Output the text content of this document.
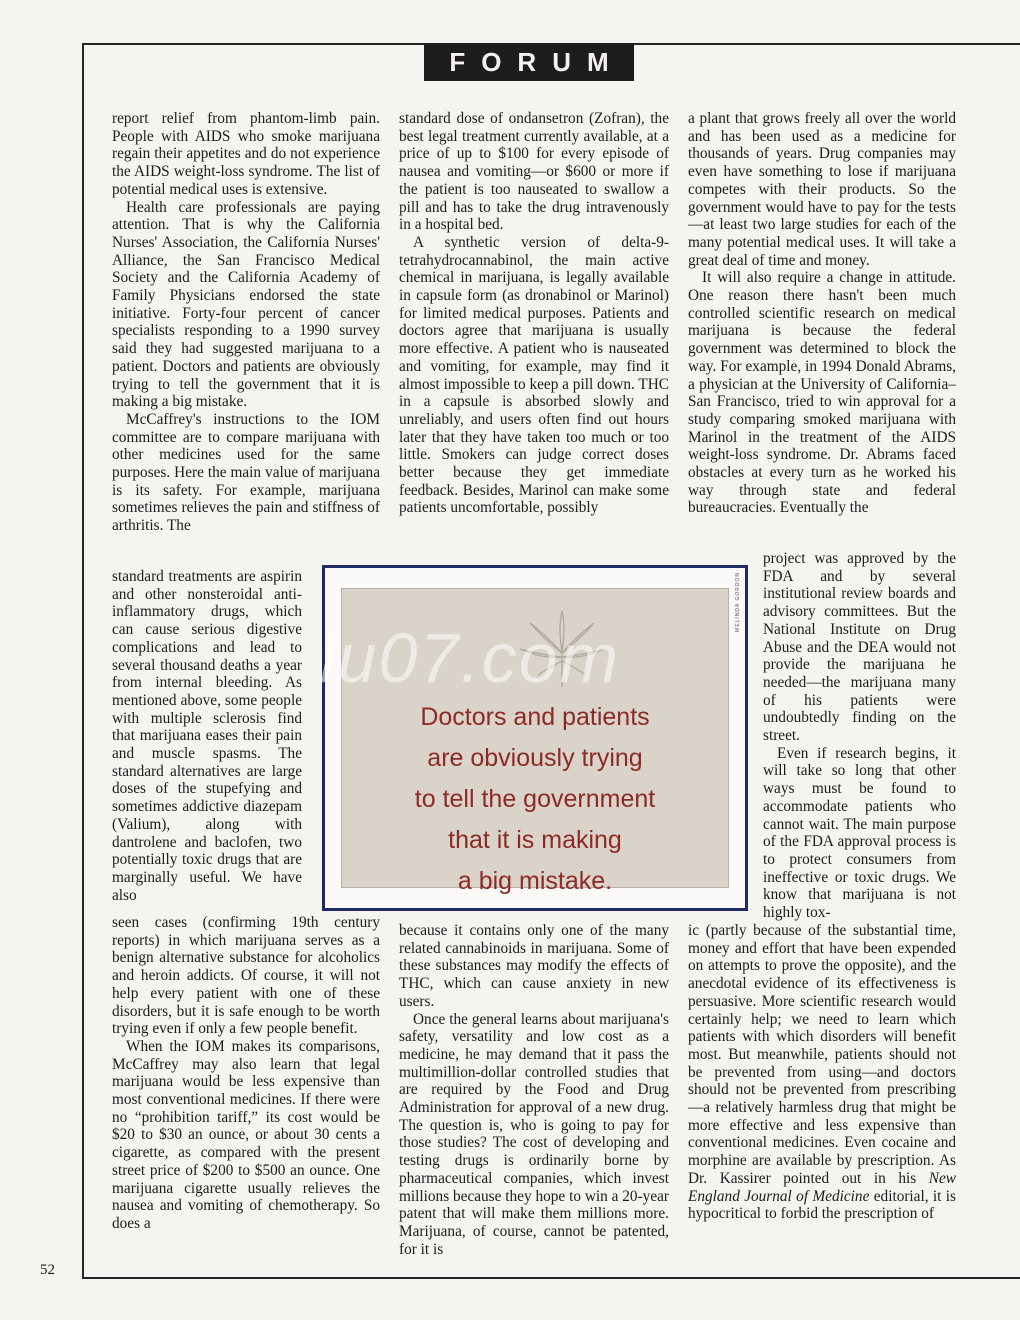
FORUM

report relief from phantom-limb pain. People with AIDS who smoke marijuana regain their appetites and do not experience the AIDS weight-loss syndrome. The list of potential medical uses is extensive.

Health care professionals are paying attention. That is why the California Nurses' Association, the California Nurses' Alliance, the San Francisco Medical Society and the California Academy of Family Physicians endorsed the state initiative. Forty-four percent of cancer specialists responding to a 1990 survey said they had suggested marijuana to a patient. Doctors and patients are obviously trying to tell the government that it is making a big mistake.

McCaffrey's instructions to the IOM committee are to compare marijuana with other medicines used for the same purposes. Here the main value of marijuana is its safety. For example, marijuana sometimes relieves the pain and stiffness of arthritis. The

standard treatments are aspirin and other nonsteroidal anti-inflammatory drugs, which can cause serious digestive complications and lead to several thousand deaths a year from internal bleeding. As mentioned above, some people with multiple sclerosis find that marijuana eases their pain and muscle spasms. The standard alternatives are large doses of the stupefying and sometimes addictive diazepam (Valium), along with dantrolene and baclofen, two potentially toxic drugs that are marginally useful. We have also

seen cases (confirming 19th century reports) in which marijuana serves as a benign alternative substance for alcoholics and heroin addicts. Of course, it will not help every patient with one of these disorders, but it is safe enough to be worth trying even if only a few people benefit.

When the IOM makes its comparisons, McCaffrey may also learn that legal marijuana would be less expensive than most conventional medicines. If there were no “prohibition tariff,” its cost would be $20 to $30 an ounce, or about 30 cents a cigarette, as compared with the present street price of $200 to $500 an ounce. One marijuana cigarette usually relieves the nausea and vomiting of chemotherapy. So does a

standard dose of ondansetron (Zofran), the best legal treatment currently available, at a price of up to $100 for every episode of nausea and vomiting—or $600 or more if the patient is too nauseated to swallow a pill and has to take the drug intravenously in a hospital bed.

A synthetic version of delta-9-tetrahydrocannabinol, the main active chemical in marijuana, is legally available in capsule form (as dronabinol or Marinol) for limited medical purposes. Patients and doctors agree that marijuana is usually more effective. A patient who is nauseated and vomiting, for example, may find it almost impossible to keep a pill down. THC in a capsule is absorbed slowly and unreliably, and users often find out hours later that they have taken too much or too little. Smokers can judge correct doses better because they get immediate feedback. Besides, Marinol can make some patients uncomfortable, possibly

because it contains only one of the many related cannabinoids in marijuana. Some of these substances may modify the effects of THC, which can cause anxiety in new users.

Once the general learns about marijuana's safety, versatility and low cost as a medicine, he may demand that it pass the multimillion-dollar controlled studies that are required by the Food and Drug Administration for approval of a new drug. The question is, who is going to pay for those studies? The cost of developing and testing drugs is ordinarily borne by pharmaceutical companies, which invest millions because they hope to win a 20-year patent that will make them millions more. Marijuana, of course, cannot be patented, for it is

a plant that grows freely all over the world and has been used as a medicine for thousands of years. Drug companies may even have something to lose if marijuana competes with their products. So the government would have to pay for the tests—at least two large studies for each of the many potential medical uses. It will take a great deal of time and money.

It will also require a change in attitude. One reason there hasn't been much controlled scientific research on medical marijuana is because the federal government was determined to block the way. For example, in 1994 Donald Abrams, a physician at the University of California–San Francisco, tried to win approval for a study comparing smoked marijuana with Marinol in the treatment of the AIDS weight-loss syndrome. Dr. Abrams faced obstacles at every turn as he worked his way through state and federal bureaucracies. Eventually the

project was approved by the FDA and by several institutional review boards and advisory committees. But the National Institute on Drug Abuse and the DEA would not provide the marijuana he needed—the marijuana many of his patients were undoubtedly finding on the street.

Even if research begins, it will take so long that other ways must be found to accommodate patients who cannot wait. The main purpose of the FDA approval process is to protect consumers from ineffective or toxic drugs. We know that marijuana is not highly tox-

ic (partly because of the substantial time, money and effort that have been expended on attempts to prove the opposite), and the anecdotal evidence of its effectiveness is persuasive. More scientific research would certainly help; we need to learn which patients with which disorders will benefit most. But meanwhile, patients should not be prevented from using—and doctors should not be prevented from prescribing—a relatively harmless drug that might be more effective and less expensive than conventional medicines. Even cocaine and morphine are available by prescription. As Dr. Kassirer pointed out in his New England Journal of Medicine editorial, it is hypocritical to forbid the prescription of

Doctors and patients
are obviously trying
to tell the government
that it is making
a big mistake.
MELINDA GORDON
iu07.com
52
